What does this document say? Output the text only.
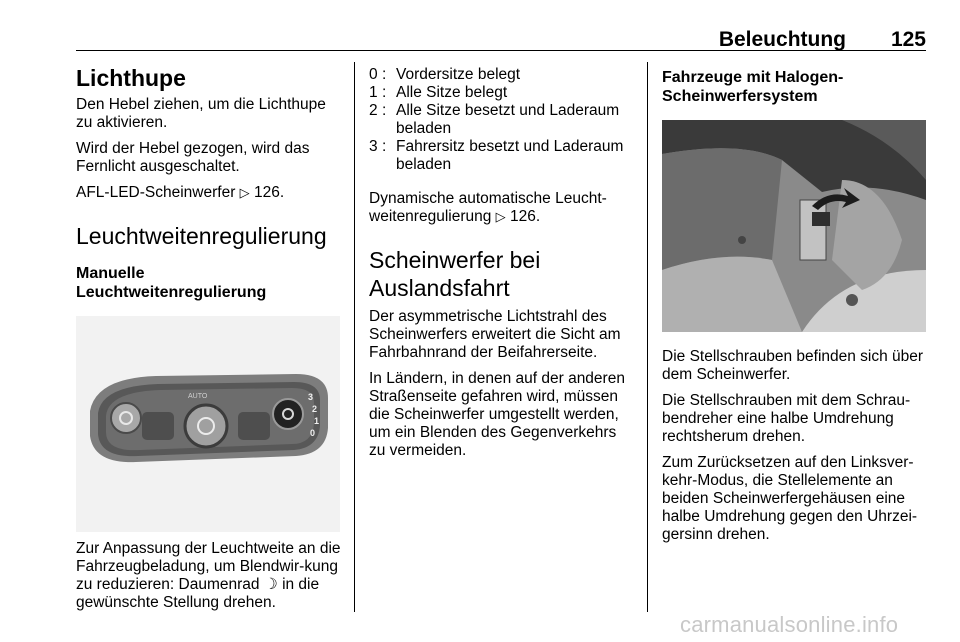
Beleuchtung	125
Lichthupe

Den Hebel ziehen, um die Lichthupe zu aktivieren.

Wird der Hebel gezogen, wird das Fernlicht ausgeschaltet.

AFL-LED-Scheinwerfer ▷ 126.

Leuchtweitenregulierung
Manuelle
Leuchtweitenregulierung
AUTO	3
2
1
0

Zur Anpassung der Leuchtweite an die Fahrzeugbeladung, um Blendwir-kung zu reduzieren: Daumenrad ☽ in die gewünschte Stellung drehen.

0 : Vordersitze belegt
1 : Alle Sitze belegt
2 : Alle Sitze besetzt und Laderaum beladen
3 : Fahrersitz besetzt und Laderaum beladen

Dynamische automatische Leucht-weitenregulierung ▷ 126.

Scheinwerfer bei
Auslandsfahrt

Der asymmetrische Lichtstrahl des Scheinwerfers erweitert die Sicht am Fahrbahnrand der Beifahrerseite.

In Ländern, in denen auf der anderen Straßenseite gefahren wird, müssen die Scheinwerfer umgestellt werden, um ein Blenden des Gegenverkehrs zu vermeiden.

Fahrzeuge mit Halogen-
Scheinwerfersystem

Die Stellschrauben befinden sich über dem Scheinwerfer.

Die Stellschrauben mit dem Schrau-bendreher eine halbe Umdrehung rechtsherum drehen.

Zum Zurücksetzen auf den Linksver-kehr-Modus, die Stellelemente an beiden Scheinwerfergehäusen eine halbe Umdrehung gegen den Uhrzei-gersinn drehen.

carmanualsonline.info
